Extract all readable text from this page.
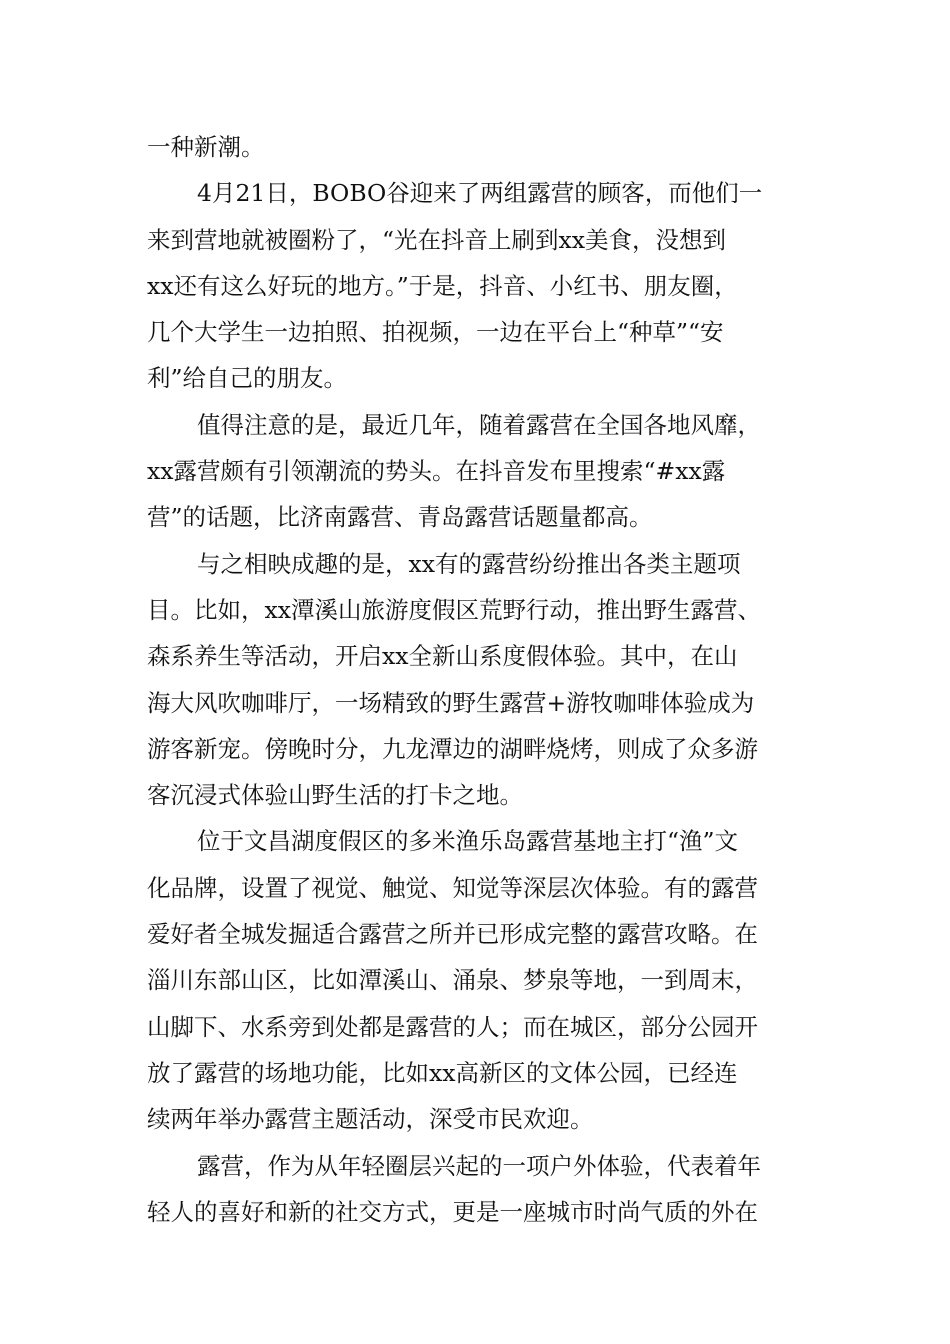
一种新潮。
4月21日，BOBO谷迎来了两组露营的顾客，而他们一
来到营地就被圈粉了，“光在抖音上刷到xx美食，没想到
xx还有这么好玩的地方。”于是，抖音、小红书、朋友圈，
几个大学生一边拍照、拍视频，一边在平台上“种草”“安
利”给自己的朋友。
值得注意的是，最近几年，随着露营在全国各地风靡，
xx露营颇有引领潮流的势头。在抖音发布里搜索“#xx露
营”的话题，比济南露营、青岛露营话题量都高。
与之相映成趣的是，xx有的露营纷纷推出各类主题项
目。比如，xx潭溪山旅游度假区荒野行动，推出野生露营、
森系养生等活动，开启xx全新山系度假体验。其中，在山
海大风吹咖啡厅，一场精致的野生露营+游牧咖啡体验成为
游客新宠。傍晚时分，九龙潭边的湖畔烧烤，则成了众多游
客沉浸式体验山野生活的打卡之地。
位于文昌湖度假区的多米渔乐岛露营基地主打“渔”文
化品牌，设置了视觉、触觉、知觉等深层次体验。有的露营
爱好者全城发掘适合露营之所并已形成完整的露营攻略。在
淄川东部山区，比如潭溪山、涌泉、梦泉等地，一到周末，
山脚下、水系旁到处都是露营的人；而在城区，部分公园开
放了露营的场地功能，比如xx高新区的文体公园，已经连
续两年举办露营主题活动，深受市民欢迎。
露营，作为从年轻圈层兴起的一项户外体验，代表着年
轻人的喜好和新的社交方式，更是一座城市时尚气质的外在
